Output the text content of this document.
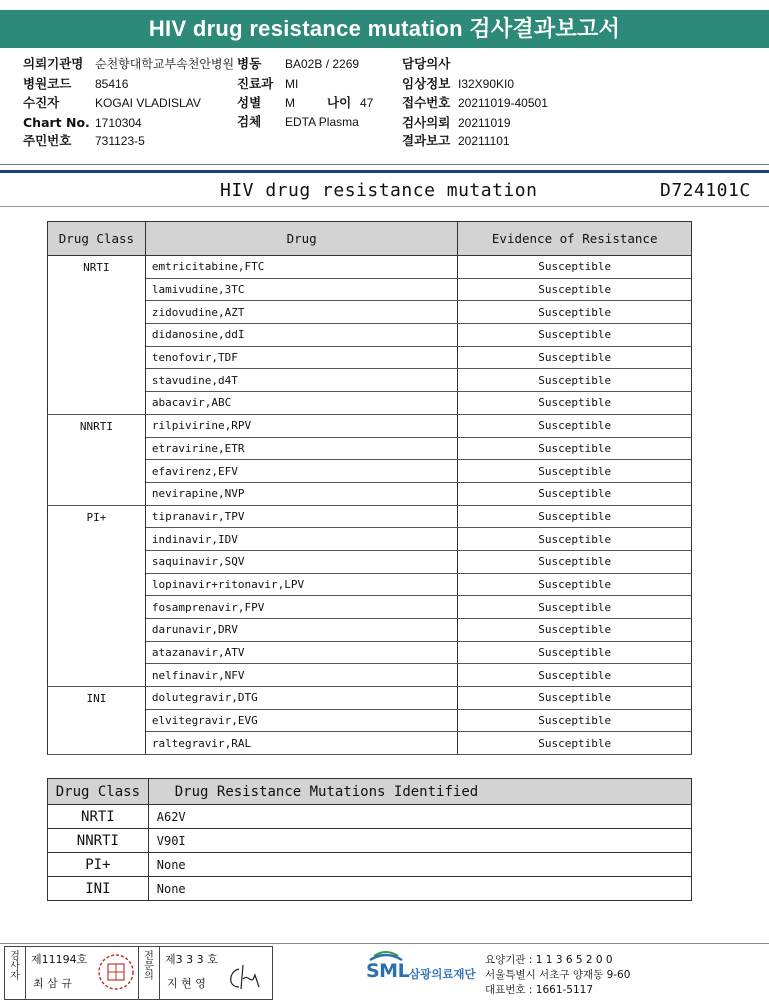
HIV drug resistance mutation 검사결과보고서
의뢰기관명 순천향대학교부속천안병원 병동 BA02B / 2269	담당의사
병원코드 85416	진료과 MI	임상정보 I32X90KI0
수진자	KOGAI VLADISLAV	성별 M	나이 47 접수번호 20211019-40501
Chart No. 1710304	검체 EDTA Plasma	검사의뢰 20211019
주민번호 731123-5	결과보고 20211101
HIV drug resistance mutation	D724101C
Drug Class	Drug	Evidence of Resistance
NRTI	emtricitabine,FTC	Susceptible
	lamivudine,3TC	Susceptible
	zidovudine,AZT	Susceptible
	didanosine,ddI	Susceptible
	tenofovir,TDF	Susceptible
	stavudine,d4T	Susceptible
	abacavir,ABC	Susceptible
NNRTI	rilpivirine,RPV	Susceptible
	etravirine,ETR	Susceptible
	efavirenz,EFV	Susceptible
	nevirapine,NVP	Susceptible
PI+	tipranavir,TPV	Susceptible
	indinavir,IDV	Susceptible
	saquinavir,SQV	Susceptible
	lopinavir+ritonavir,LPV	Susceptible
	fosamprenavir,FPV	Susceptible
	darunavir,DRV	Susceptible
	atazanavir,ATV	Susceptible
	nelfinavir,NFV	Susceptible
INI	dolutegravir,DTG	Susceptible
	elvitegravir,EVG	Susceptible
	raltegravir,RAL	Susceptible
Drug Class	Drug Resistance Mutations Identified
NRTI	A62V
NNRTI	V90I
PI+	None
INI	None
검사자
제11194호
최 삼 규
전문의
제3 3 3 호
지 현 영
SML 삼광의료재단
요양기관 : 1 1 3 6 5 2 0 0
서울특별시 서초구 양재동 9-60
대표번호 : 1661-5117
